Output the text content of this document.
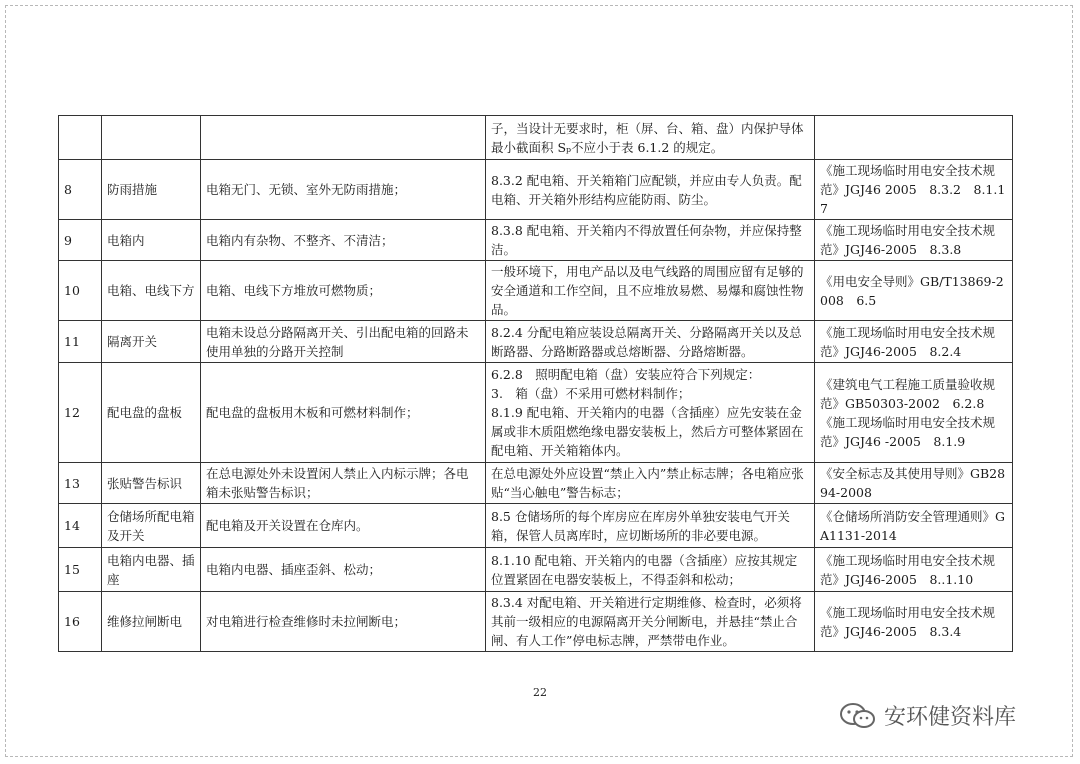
			子，当设计无要求时，柜（屏、台、箱、盘）内保护导体最小截面积 Sₚ不应小于表 6.1.2 的规定。	
8	防雨措施	电箱无门、无锁、室外无防雨措施；	8.3.2 配电箱、开关箱箱门应配锁，并应由专人负责。配电箱、开关箱外形结构应能防雨、防尘。	《施工现场临时用电安全技术规范》JGJ46 2005　8.3.2　8.1.17
9	电箱内	电箱内有杂物、不整齐、不清洁；	8.3.8 配电箱、开关箱内不得放置任何杂物，并应保持整洁。	《施工现场临时用电安全技术规范》JGJ46-2005　8.3.8
10	电箱、电线下方	电箱、电线下方堆放可燃物质；	一般环境下，用电产品以及电气线路的周围应留有足够的安全通道和工作空间，且不应堆放易燃、易爆和腐蚀性物品。	《用电安全导则》GB/T13869-2008　6.5
11	隔离开关	电箱未设总分路隔离开关、引出配电箱的回路未使用单独的分路开关控制	8.2.4 分配电箱应装设总隔离开关、分路隔离开关以及总断路器、分路断路器或总熔断器、分路熔断器。	《施工现场临时用电安全技术规范》JGJ46-2005　8.2.4
12	配电盘的盘板	配电盘的盘板用木板和可燃材料制作；	6.2.8　照明配电箱（盘）安装应符合下列规定：
3.　箱（盘）不采用可燃材料制作；
8.1.9 配电箱、开关箱内的电器（含插座）应先安装在金属或非木质阻燃绝缘电器安装板上，然后方可整体紧固在配电箱、开关箱箱体内。	《建筑电气工程施工质量验收规范》GB50303-2002　6.2.8
《施工现场临时用电安全技术规范》JGJ46 -2005　8.1.9
13	张贴警告标识	在总电源处外未设置闲人禁止入内标示牌；各电箱未张贴警告标识；	在总电源处外应设置“禁止入内”禁止标志牌；各电箱应张贴“当心触电”警告标志；	《安全标志及其使用导则》GB2894-2008
14	仓储场所配电箱及开关	配电箱及开关设置在仓库内。	8.5 仓储场所的每个库房应在库房外单独安装电气开关箱，保管人员离库时，应切断场所的非必要电源。	《仓储场所消防安全管理通则》GA1131-2014
15	电箱内电器、插座	电箱内电器、插座歪斜、松动；	8.1.10 配电箱、开关箱内的电器（含插座）应按其规定位置紧固在电器安装板上，不得歪斜和松动；	《施工现场临时用电安全技术规范》JGJ46-2005　8..1.10
16	维修拉闸断电	对电箱进行检查维修时未拉闸断电；	8.3.4 对配电箱、开关箱进行定期维修、检查时，必须将其前一级相应的电源隔离开关分闸断电，并悬挂“禁止合闸、有人工作”停电标志牌，严禁带电作业。	《施工现场临时用电安全技术规范》JGJ46-2005　8.3.4
22
安环健资料库
